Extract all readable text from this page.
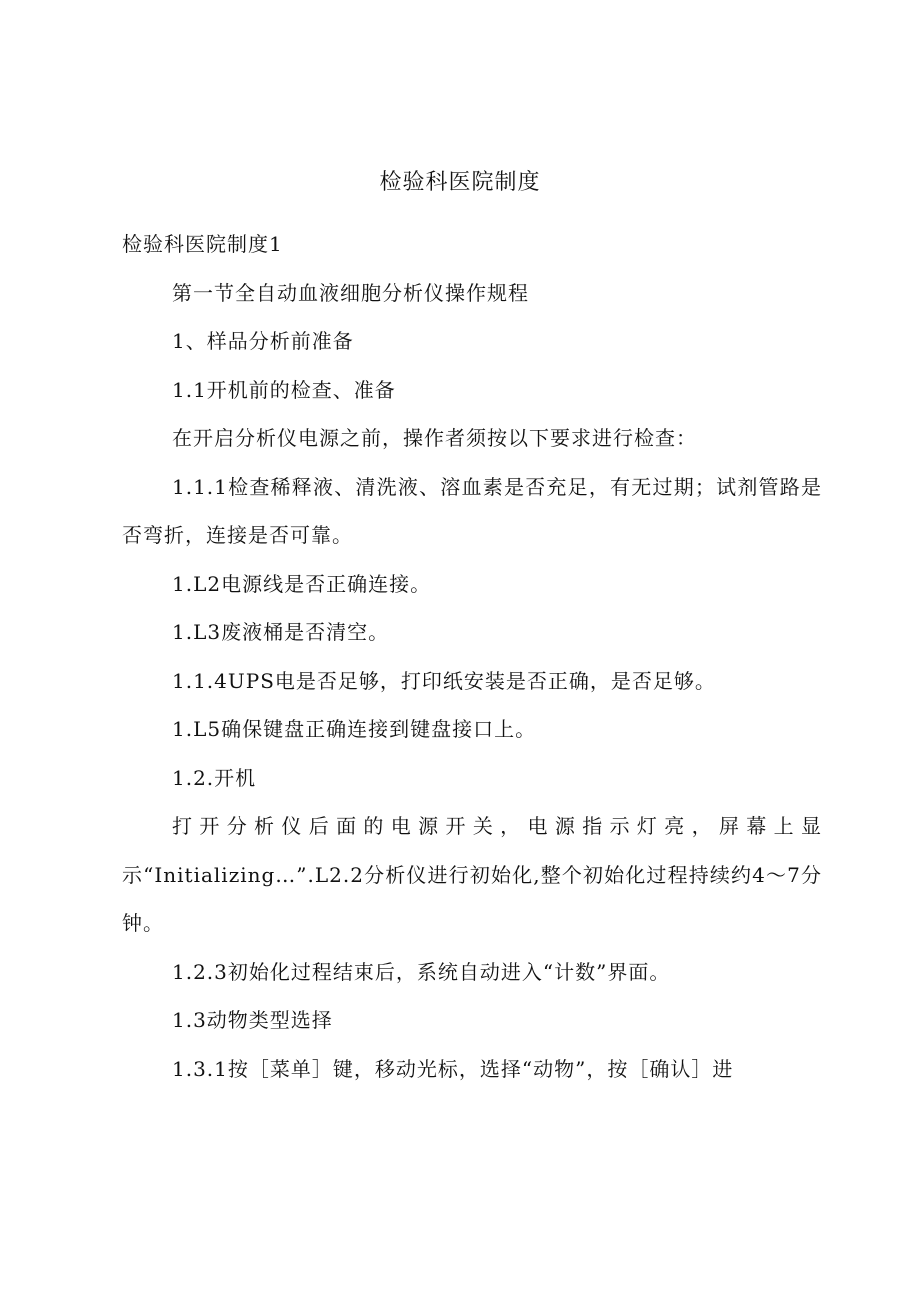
检验科医院制度

检验科医院制度1

第一节全自动血液细胞分析仪操作规程

1、样品分析前准备

1.1开机前的检查、准备

在开启分析仪电源之前，操作者须按以下要求进行检查：

1.1.1检查稀释液、清洗液、溶血素是否充足，有无过期；试剂管路是否弯折，连接是否可靠。

1.L2电源线是否正确连接。

1.L3废液桶是否清空。

1.1.4UPS电是否足够，打印纸安装是否正确，是否足够。

1.L5确保键盘正确连接到键盘接口上。

1.2.开机

打开分析仪后面的电源开关，电源指示灯亮，屏幕上显示“Initializing…”.L2.2分析仪进行初始化,整个初始化过程持续约4～7分钟。

1.2.3初始化过程结束后，系统自动进入“计数”界面。

1.3动物类型选择

1.3.1按［菜单］键，移动光标，选择“动物”，按［确认］进
